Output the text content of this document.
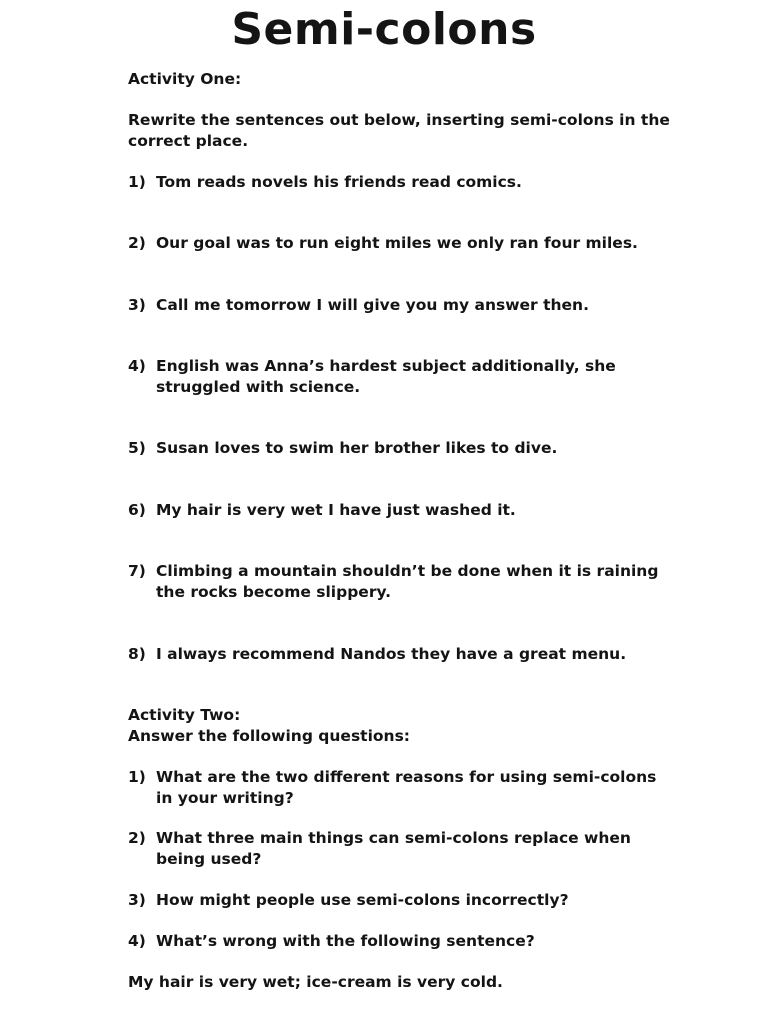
Semi-colons
Activity One:
Rewrite the sentences out below, inserting semi-colons in the
correct place.
1) Tom reads novels his friends read comics.
2) Our goal was to run eight miles we only ran four miles.
3) Call me tomorrow I will give you my answer then.
4) English was Anna’s hardest subject additionally, she
struggled with science.
5) Susan loves to swim her brother likes to dive.
6) My hair is very wet I have just washed it.
7) Climbing a mountain shouldn’t be done when it is raining
the rocks become slippery.
8) I always recommend Nandos they have a great menu.
Activity Two:
Answer the following questions:
1) What are the two different reasons for using semi-colons
in your writing?
2) What three main things can semi-colons replace when
being used?
3) How might people use semi-colons incorrectly?
4) What’s wrong with the following sentence?
My hair is very wet; ice-cream is very cold.
